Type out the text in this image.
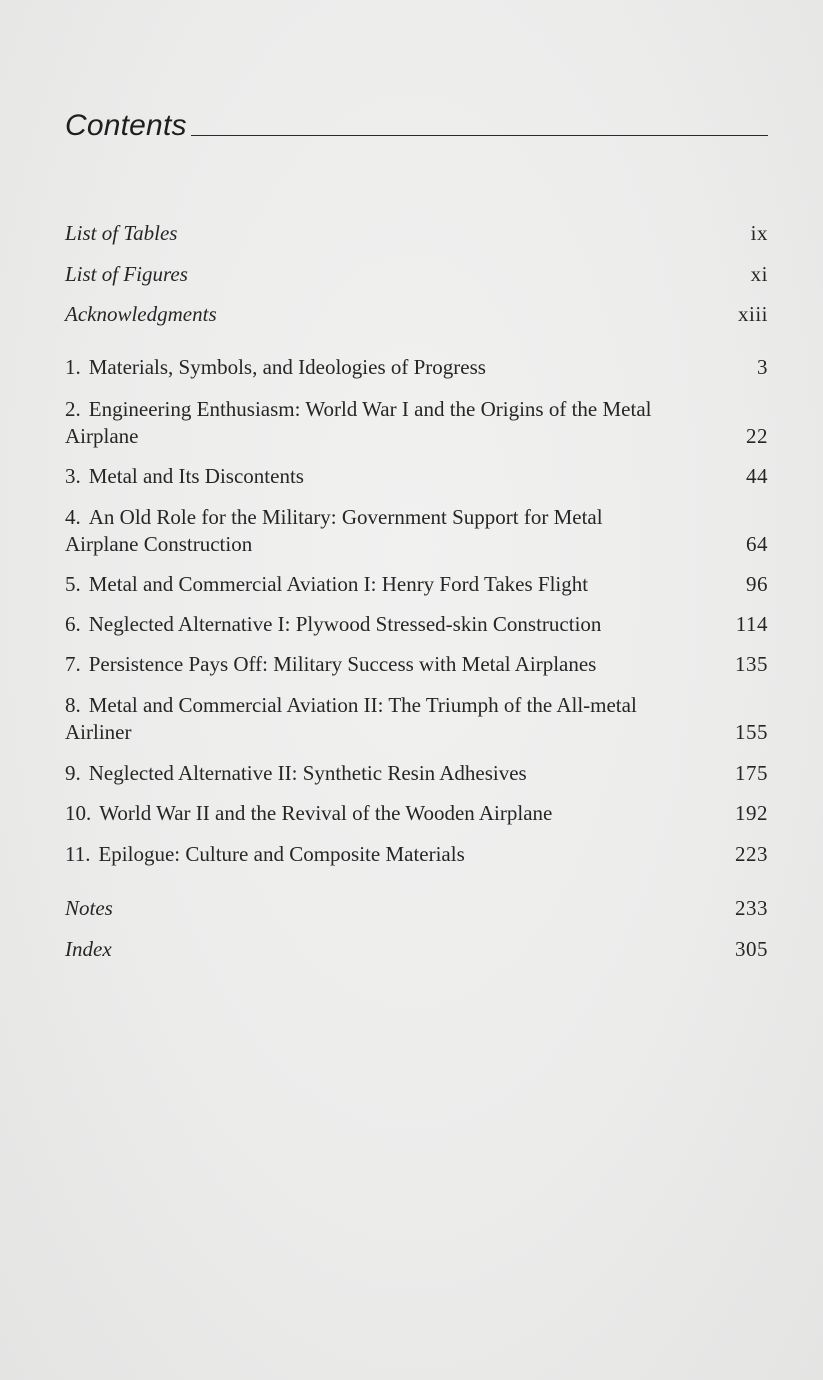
Contents
List of Tables	ix
List of Figures	xi
Acknowledgments	xiii
1. Materials, Symbols, and Ideologies of Progress	3
2. Engineering Enthusiasm: World War I and the Origins of the Metal Airplane	22
3. Metal and Its Discontents	44
4. An Old Role for the Military: Government Support for Metal Airplane Construction	64
5. Metal and Commercial Aviation I: Henry Ford Takes Flight	96
6. Neglected Alternative I: Plywood Stressed-skin Construction	114
7. Persistence Pays Off: Military Success with Metal Airplanes	135
8. Metal and Commercial Aviation II: The Triumph of the All-metal Airliner	155
9. Neglected Alternative II: Synthetic Resin Adhesives	175
10. World War II and the Revival of the Wooden Airplane	192
11. Epilogue: Culture and Composite Materials	223
Notes	233
Index	305
